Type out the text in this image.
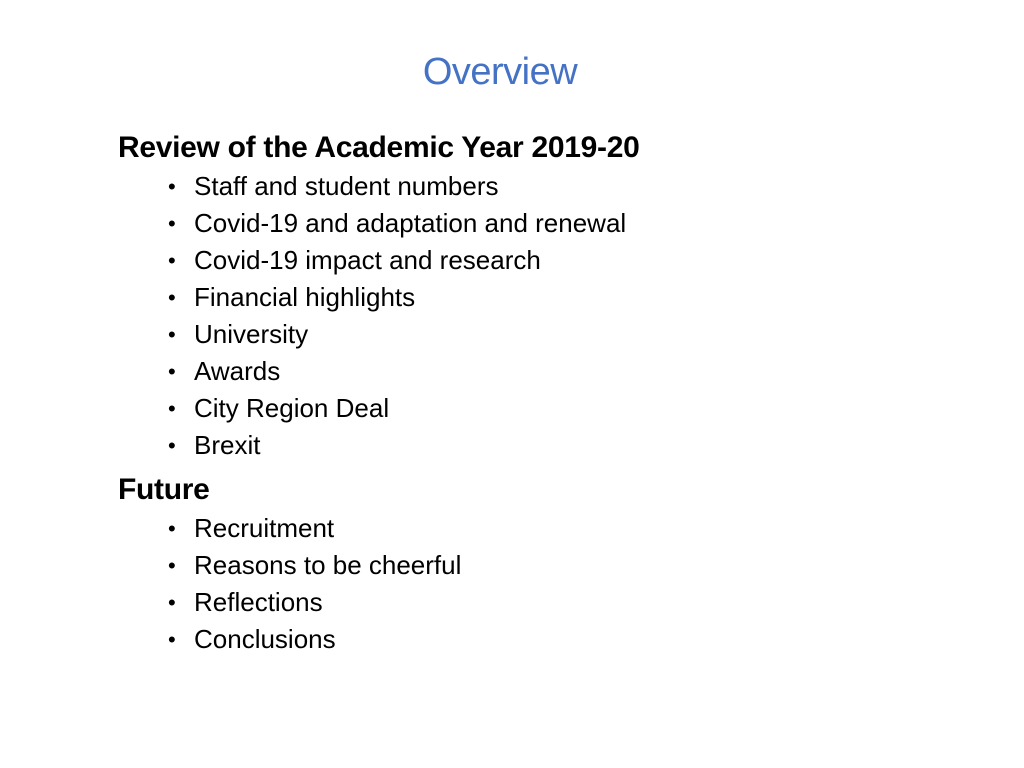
Overview
Review of the Academic Year 2019-20
• Staff and student numbers
• Covid-19 and adaptation and renewal
• Covid-19 impact and research
• Financial highlights
• University
• Awards
• City Region Deal
• Brexit
Future
• Recruitment
• Reasons to be cheerful
• Reflections
• Conclusions
